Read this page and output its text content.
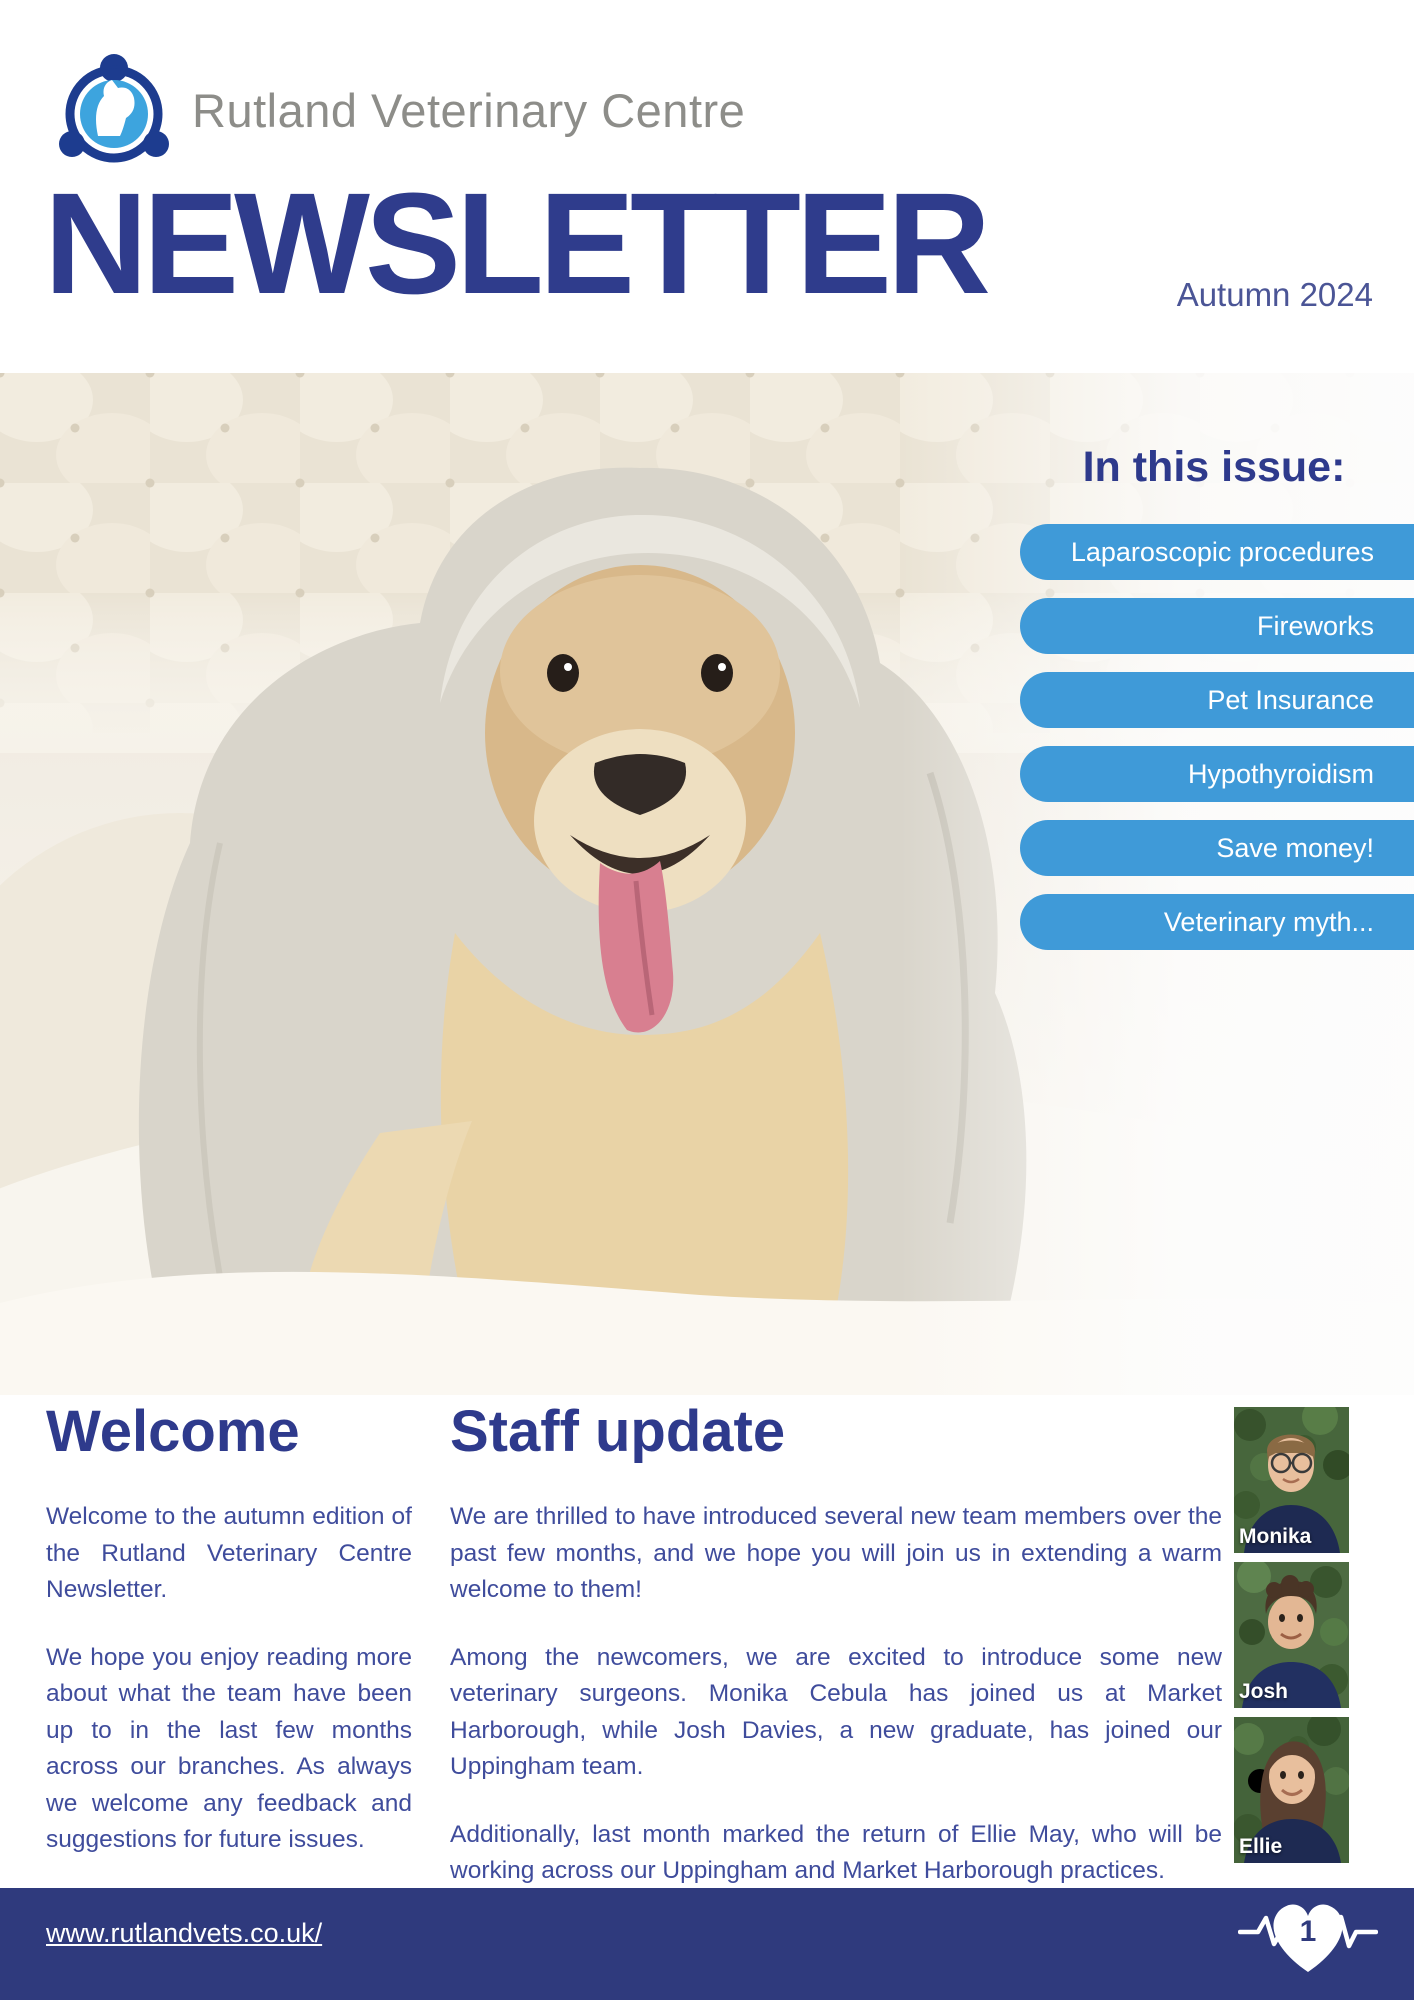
Rutland Veterinary Centre
NEWSLETTER	Autumn 2024
In this issue:
Laparoscopic procedures
Fireworks
Pet Insurance
Hypothyroidism
Save money!
Veterinary myth...
Welcome

Welcome to the autumn edition of the Rutland Veterinary Centre Newsletter.

We hope you enjoy reading more about what the team have been up to in the last few months across our branches. As always we welcome any feedback and suggestions for future issues.

Staff update

We are thrilled to have introduced several new team members over the past few months, and we hope you will join us in extending a warm welcome to them!

Among the newcomers, we are excited to introduce some new veterinary surgeons. Monika Cebula has joined us at Market Harborough, while Josh Davies, a new graduate, has joined our Uppingham team.

Additionally, last month marked the return of Ellie May, who will be working across our Uppingham and Market Harborough practices.

Monika
Josh
Ellie
www.rutlandvets.co.uk/	1
